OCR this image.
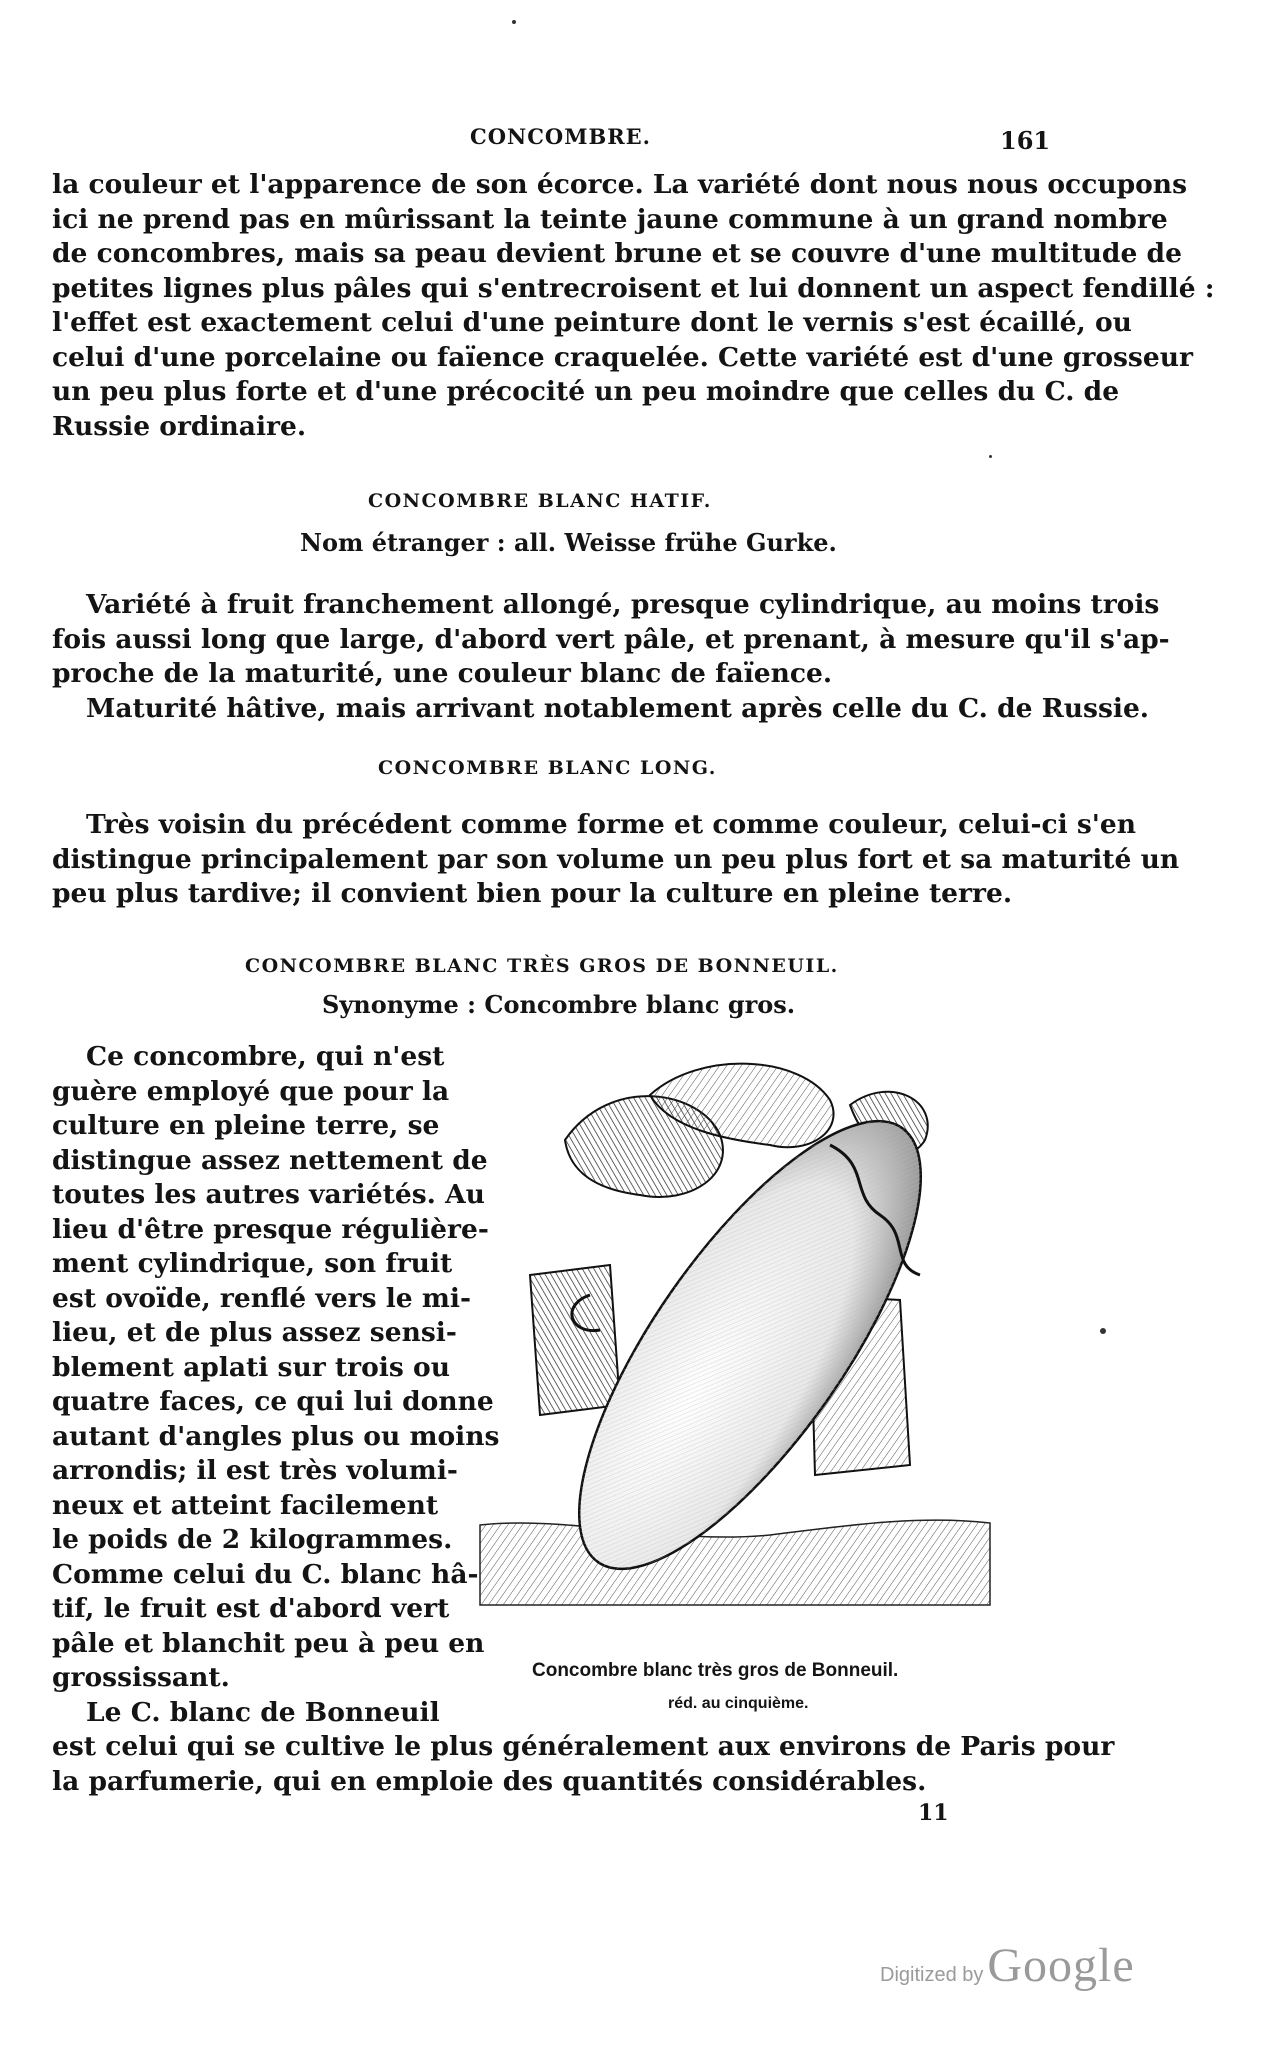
CONCOMBRE.	161
la couleur et l'apparence de son écorce. La variété dont nous nous occupons
ici ne prend pas en mûrissant la teinte jaune commune à un grand nombre
de concombres, mais sa peau devient brune et se couvre d'une multitude de
petites lignes plus pâles qui s'entrecroisent et lui donnent un aspect fendillé :
l'effet est exactement celui d'une peinture dont le vernis s'est écaillé, ou
celui d'une porcelaine ou faïence craquelée. Cette variété est d'une grosseur
un peu plus forte et d'une précocité un peu moindre que celles du C. de
Russie ordinaire.
CONCOMBRE BLANC HATIF.
Nom étranger : all. Weisse frühe Gurke.
Variété à fruit franchement allongé, presque cylindrique, au moins trois
fois aussi long que large, d'abord vert pâle, et prenant, à mesure qu'il s'ap-
proche de la maturité, une couleur blanc de faïence.
Maturité hâtive, mais arrivant notablement après celle du C. de Russie.
CONCOMBRE BLANC LONG.
Très voisin du précédent comme forme et comme couleur, celui-ci s'en
distingue principalement par son volume un peu plus fort et sa maturité un
peu plus tardive; il convient bien pour la culture en pleine terre.
CONCOMBRE BLANC TRÈS GROS DE BONNEUIL.
Synonyme : Concombre blanc gros.
Ce concombre, qui n'est
guère employé que pour la
culture en pleine terre, se
distingue assez nettement de
toutes les autres variétés. Au
lieu d'être presque régulière-
ment cylindrique, son fruit
est ovoïde, renflé vers le mi-
lieu, et de plus assez sensi-
blement aplati sur trois ou
quatre faces, ce qui lui donne
autant d'angles plus ou moins
arrondis; il est très volumi-
neux et atteint facilement
le poids de 2 kilogrammes.
Comme celui du C. blanc hâ-
tif, le fruit est d'abord vert
pâle et blanchit peu à peu en
grossissant.
Le C. blanc de Bonneuil
est celui qui se cultive le plus généralement aux environs de Paris pour
la parfumerie, qui en emploie des quantités considérables.
Concombre blanc très gros de Bonneuil.
réd. au cinquième.
11
Digitized by Google
